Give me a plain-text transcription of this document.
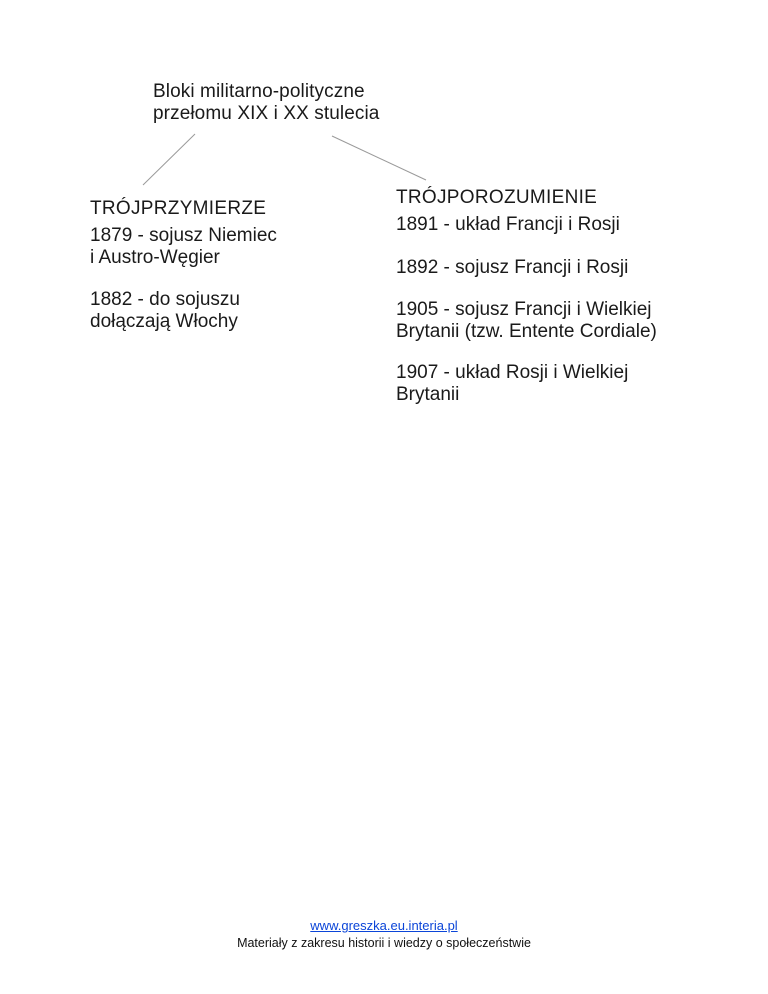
Bloki militarno-polityczne
przełomu XIX i XX stulecia
TRÓJPRZYMIERZE
1879 - sojusz Niemiec
i Austro-Węgier
1882 - do sojuszu
dołączają Włochy
TRÓJPOROZUMIENIE
1891 - układ Francji i Rosji
1892 - sojusz Francji i Rosji
1905 - sojusz Francji i Wielkiej
Brytanii (tzw. Entente Cordiale)
1907 - układ Rosji i Wielkiej
Brytanii
www.greszka.eu.interia.pl
Materiały z zakresu historii i wiedzy o społeczeństwie
